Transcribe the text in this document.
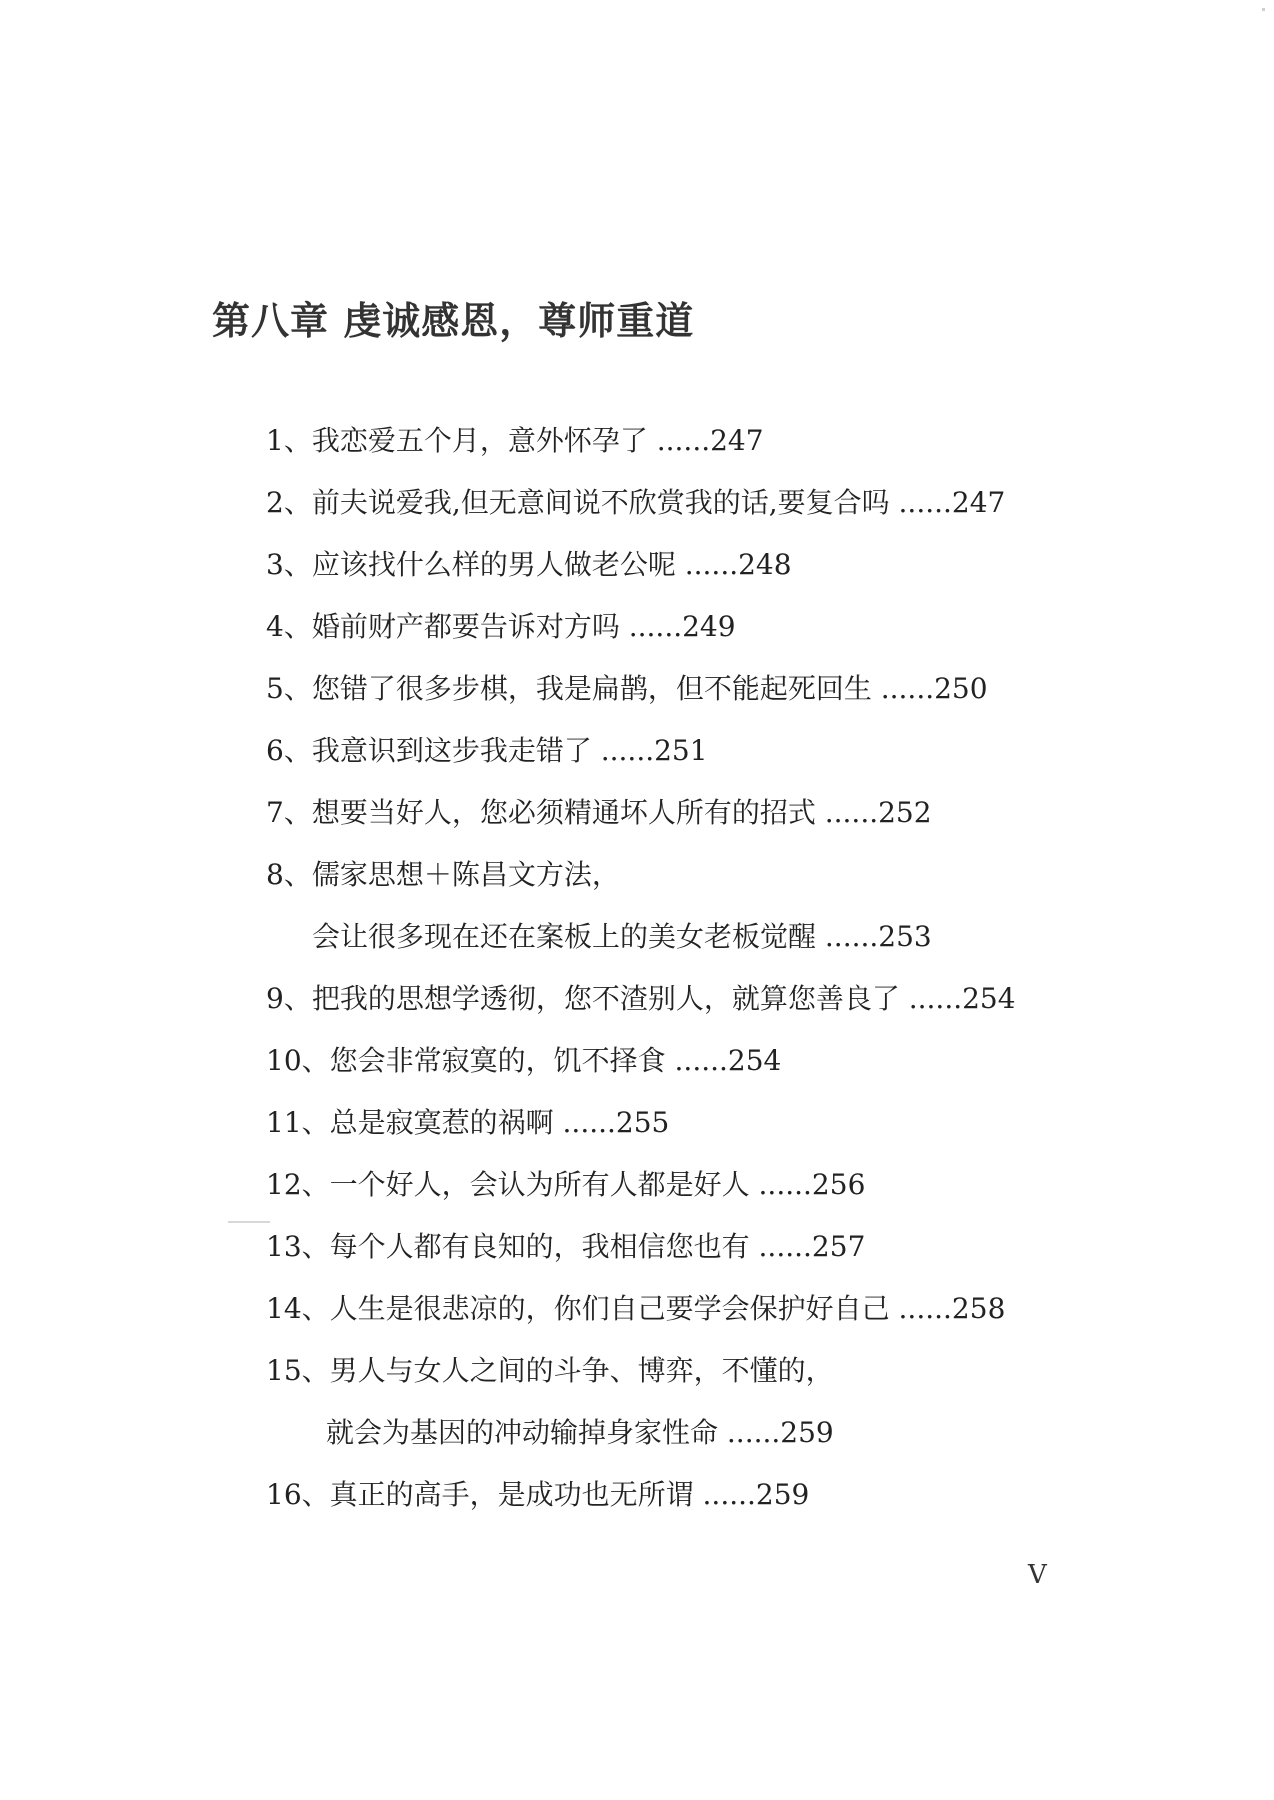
第八章 虔诚感恩，尊师重道
1、我恋爱五个月，意外怀孕了 ......247
2、前夫说爱我,但无意间说不欣赏我的话,要复合吗 ......247
3、应该找什么样的男人做老公呢 ......248
4、婚前财产都要告诉对方吗 ......249
5、您错了很多步棋，我是扁鹊，但不能起死回生 ......250
6、我意识到这步我走错了 ......251
7、想要当好人，您必须精通坏人所有的招式 ......252
8、儒家思想＋陈昌文方法，
会让很多现在还在案板上的美女老板觉醒 ......253
9、把我的思想学透彻，您不渣别人，就算您善良了 ......254
10、您会非常寂寞的，饥不择食 ......254
11、总是寂寞惹的祸啊 ......255
12、一个好人，会认为所有人都是好人 ......256
13、每个人都有良知的，我相信您也有 ......257
14、人生是很悲凉的，你们自己要学会保护好自己 ......258
15、男人与女人之间的斗争、博弈，不懂的，
就会为基因的冲动输掉身家性命 ......259
16、真正的高手，是成功也无所谓 ......259
V
